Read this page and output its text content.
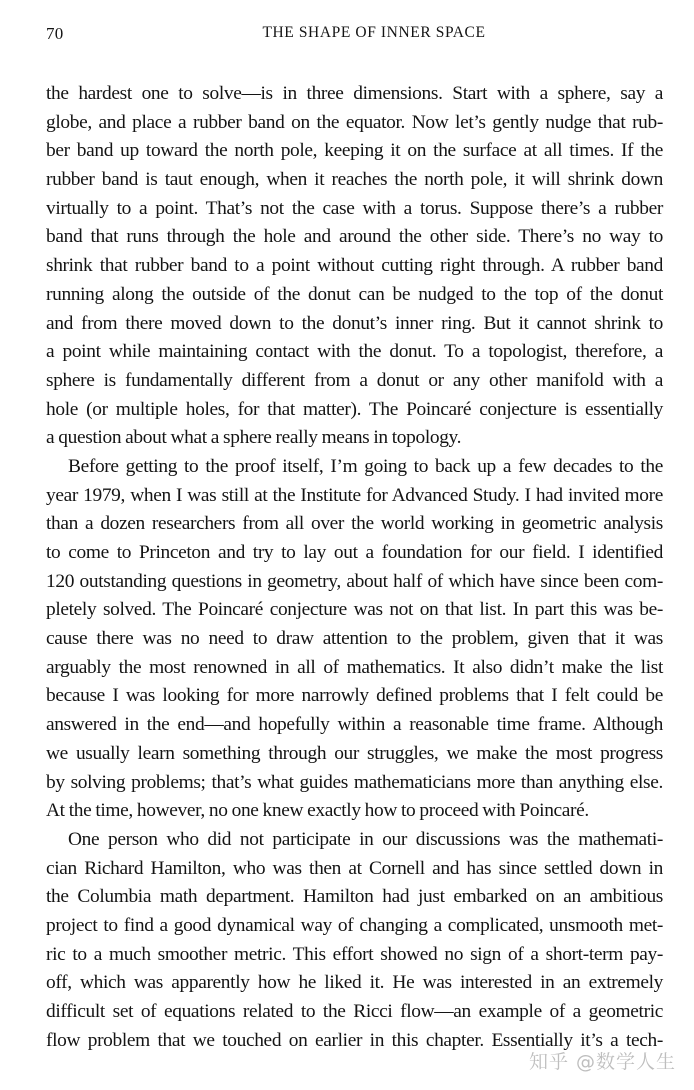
70	THE SHAPE OF INNER SPACE

the hardest one to solve—is in three dimensions. Start with a sphere, say a
globe, and place a rubber band on the equator. Now let’s gently nudge that rub-
ber band up toward the north pole, keeping it on the surface at all times. If the
rubber band is taut enough, when it reaches the north pole, it will shrink down
virtually to a point. That’s not the case with a torus. Suppose there’s a rubber
band that runs through the hole and around the other side. There’s no way to
shrink that rubber band to a point without cutting right through. A rubber band
running along the outside of the donut can be nudged to the top of the donut
and from there moved down to the donut’s inner ring. But it cannot shrink to
a point while maintaining contact with the donut. To a topologist, therefore, a
sphere is fundamentally different from a donut or any other manifold with a
hole (or multiple holes, for that matter). The Poincaré conjecture is essentially
a question about what a sphere really means in topology.

Before getting to the proof itself, I’m going to back up a few decades to the
year 1979, when I was still at the Institute for Advanced Study. I had invited more
than a dozen researchers from all over the world working in geometric analysis
to come to Princeton and try to lay out a foundation for our field. I identified
120 outstanding questions in geometry, about half of which have since been com-
pletely solved. The Poincaré conjecture was not on that list. In part this was be-
cause there was no need to draw attention to the problem, given that it was
arguably the most renowned in all of mathematics. It also didn’t make the list
because I was looking for more narrowly defined problems that I felt could be
answered in the end—and hopefully within a reasonable time frame. Although
we usually learn something through our struggles, we make the most progress
by solving problems; that’s what guides mathematicians more than anything else.
At the time, however, no one knew exactly how to proceed with Poincaré.

One person who did not participate in our discussions was the mathemati-
cian Richard Hamilton, who was then at Cornell and has since settled down in
the Columbia math department. Hamilton had just embarked on an ambitious
project to find a good dynamical way of changing a complicated, unsmooth met-
ric to a much smoother metric. This effort showed no sign of a short-term pay-
off, which was apparently how he liked it. He was interested in an extremely
difficult set of equations related to the Ricci flow—an example of a geometric
flow problem that we touched on earlier in this chapter. Essentially it’s a tech-

知乎 @数学人生
